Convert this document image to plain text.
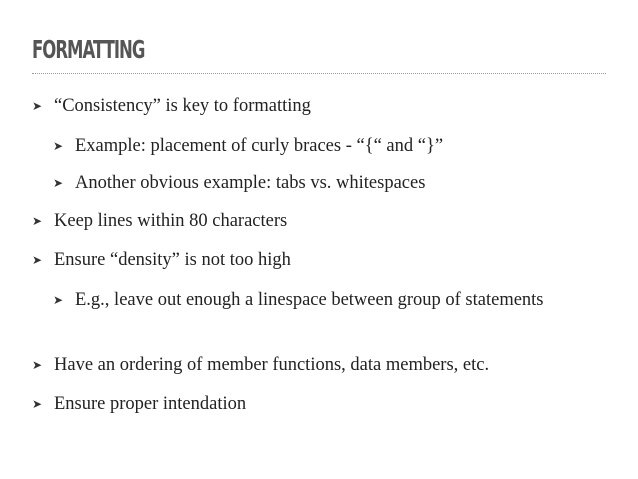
FORMATTING
➤ “Consistency” is key to formatting
➤ Example: placement of curly braces - “{“ and “}”
➤ Another obvious example: tabs vs. whitespaces
➤ Keep lines within 80 characters
➤ Ensure “density” is not too high
➤ E.g., leave out enough a linespace between group of statements
➤ Have an ordering of member functions, data members, etc.
➤ Ensure proper intendation
